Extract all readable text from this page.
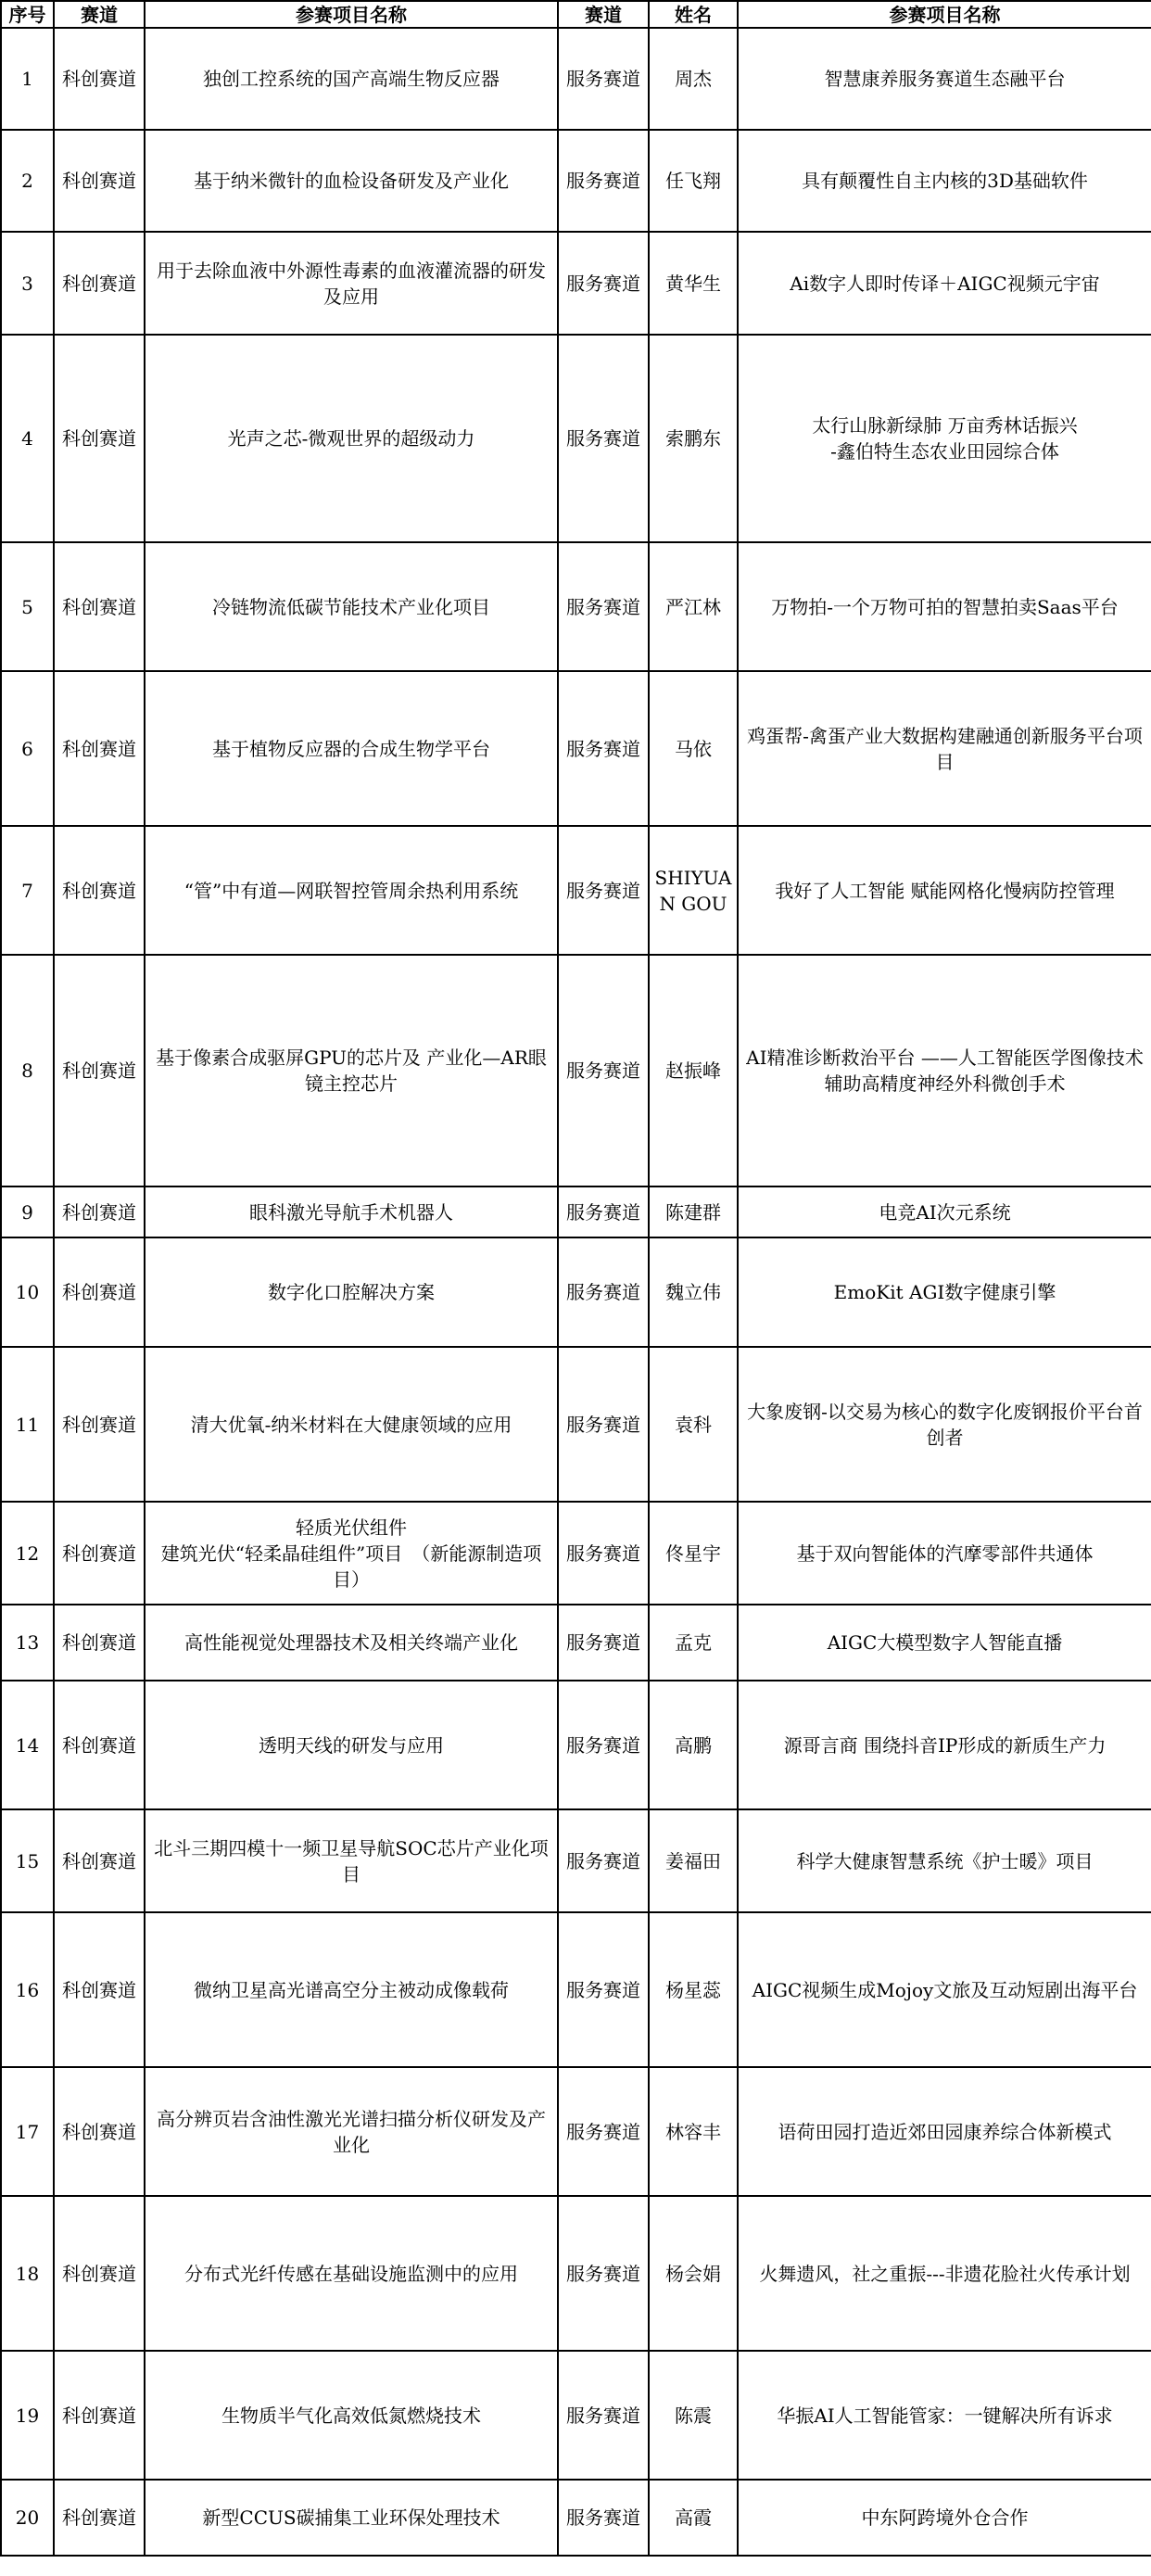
序号	赛道	参赛项目名称	赛道	姓名	参赛项目名称
1	科创赛道	独创工控系统的国产高端生物反应器	服务赛道	周杰	智慧康养服务赛道生态融平台
2	科创赛道	基于纳米微针的血检设备研发及产业化	服务赛道	任飞翔	具有颠覆性自主内核的3D基础软件
3	科创赛道	用于去除血液中外源性毒素的血液灌流器的研发及应用	服务赛道	黄华生	Ai数字人即时传译＋AIGC视频元宇宙
4	科创赛道	光声之芯-微观世界的超级动力	服务赛道	索鹏东	太行山脉新绿肺 万亩秀林话振兴
-鑫伯特生态农业田园综合体
5	科创赛道	冷链物流低碳节能技术产业化项目	服务赛道	严江林	万物拍-一个万物可拍的智慧拍卖Saas平台
6	科创赛道	基于植物反应器的合成生物学平台	服务赛道	马依	鸡蛋帮-禽蛋产业大数据构建融通创新服务平台项目
7	科创赛道	“管”中有道—网联智控管周余热利用系统	服务赛道	SHIYUAN GOU	我好了人工智能 赋能网格化慢病防控管理
8	科创赛道	基于像素合成驱屏GPU的芯片及 产业化—AR眼镜主控芯片	服务赛道	赵振峰	AI精准诊断救治平台 ——人工智能医学图像技术辅助高精度神经外科微创手术
9	科创赛道	眼科激光导航手术机器人	服务赛道	陈建群	电竞AI次元系统
10	科创赛道	数字化口腔解决方案	服务赛道	魏立伟	EmoKit AGI数字健康引擎
11	科创赛道	清大优氧-纳米材料在大健康领域的应用	服务赛道	袁科	大象废钢-以交易为核心的数字化废钢报价平台首创者
12	科创赛道	轻质光伏组件
建筑光伏“轻柔晶硅组件”项目　（新能源制造项目）	服务赛道	佟星宇	基于双向智能体的汽摩零部件共通体
13	科创赛道	高性能视觉处理器技术及相关终端产业化	服务赛道	孟克	AIGC大模型数字人智能直播
14	科创赛道	透明天线的研发与应用	服务赛道	高鹏	源哥言商 围绕抖音IP形成的新质生产力
15	科创赛道	北斗三期四模十一频卫星导航SOC芯片产业化项目	服务赛道	姜福田	科学大健康智慧系统《护士暖》项目
16	科创赛道	微纳卫星高光谱高空分主被动成像载荷	服务赛道	杨星蕊	AIGC视频生成Mojoy文旅及互动短剧出海平台
17	科创赛道	高分辨页岩含油性激光光谱扫描分析仪研发及产业化	服务赛道	林容丰	语荷田园打造近郊田园康养综合体新模式
18	科创赛道	分布式光纤传感在基础设施监测中的应用	服务赛道	杨会娟	火舞遗风，社之重振---非遗花脸社火传承计划
19	科创赛道	生物质半气化高效低氮燃烧技术	服务赛道	陈震	华振AI人工智能管家：一键解决所有诉求
20	科创赛道	新型CCUS碳捕集工业环保处理技术	服务赛道	高霞	中东阿跨境外仓合作
